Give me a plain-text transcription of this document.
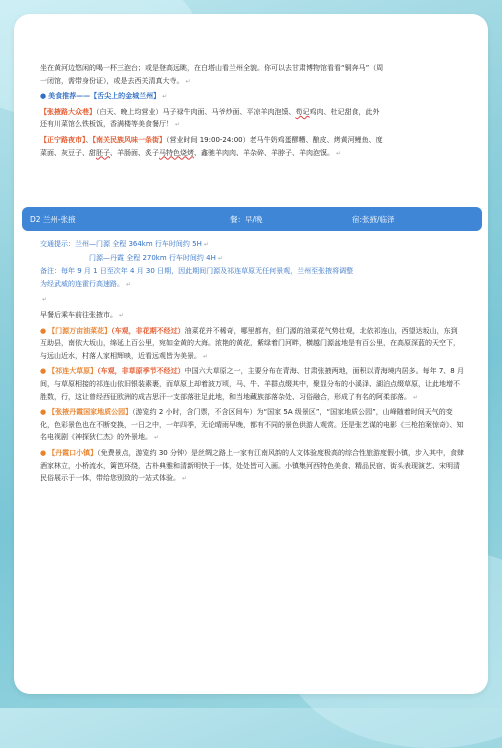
坐在黄河边悠闲的喝一杯三泡台；或是登高远眺，在白塔山看兰州全貌。你可以去甘肃博物馆看看“铜奔马”（周
一闭馆，需带身份证），或是去西关清真大寺。 ↵
● 美食推荐——【舌尖上的金城兰州】 ↵
【张掖路大众巷】（白天、晚上均营业）马子禄牛肉面、马爷炒面、平凉羊肉泡馍、苟记鸡肉、杜记甜食，此外
还有川菜馆么铁板饭，香满楼等美食餐厅！ ↵
【正宁路夜市】、【南关民族风味一条街】（营业时间 19:00-24:00）老马牛奶鸡蛋醪糟、酿皮、烤黄河鲤鱼、度
菜面、灰豆子、甜胚子、羊肠面、炙子马特色烧烤、鑫驰羊肉肉、羊杂碎、羊脖子、羊肉泡馍。 ↵
D2 兰州-张掖	餐：早/晚	宿:张掖/临泽
交通提示：兰州—门源 全程 364km 行车时间约 5H ↵
门源—丹霞 全程 270km 行车时间约 4H ↵
备注：每年 9 月 1 日至次年 4 月 30 日期，因此期间门源及祁连草原无任何景观，兰州至张掖将调整
为经武威的连霍行高速路。 ↵
↵
早餐后乘车前往张掖市。 ↵
● 【门源万亩油菜花】（车观，非花期不经过）油菜花并不稀奇，哪里都有，但门源的油菜花气势壮观，北依祁连山，西望达坂山，东到互助县，南依大坂山，绵延上百公里，宛如金黄的大海。浓艳的黄花，紫绿着门河畔，横越门源盆地是有百公里，在高原深蓝的天空下，与远山近水，村落人家相辉映，近看远观皆为美景。 ↵
● 【祁连大草原】（车观，非草原季节不经过）中国六大草原之一，主要分布在青海、甘肃张掖两地，面积以青海境内居多。每年 7、8 月间，与草原相接的祁连山依旧银装素裹，而草原上却着波万顷，马、牛、羊群点缀其中，聚显分布的小溪泽、湖泊点缀草原，让此地增不胜数，行，这让曾经西征欧洲的成吉思汗一支部落驻足此地，和当地藏族部落杂处、习俗融合，形成了有名的阿柔部落。 ↵
● 【张掖丹霞国家地质公园】（游览约 2 小时，含门票，不含区间车）为“国家 5A 级景区”，“国家地质公园”，山峰随着时间天气的变化，色彩景色也在不断变换，一日之中，一年四季，无论晴雨早晚，都有不同的景色供游人观赏。还是张艺谋的电影《三枪拍案惊奇》、知名电视剧《神探狄仁杰》的外景地。 ↵
● 【丹霞口小镇】（免费景点，游览约 30 分钟）是丝绸之路上一家有江南风韵的人文体验度极高的综合性旅游度假小镇，步入其中，食肆酒家林立，小桥流水，篱笆环绕，古朴典雅和清新明快于一体，处处皆可入画。小镇集河西特色美食、精品民宿、街头表现演艺、宋明清民俗展示于一体，带给您别致的一站式体验。 ↵
